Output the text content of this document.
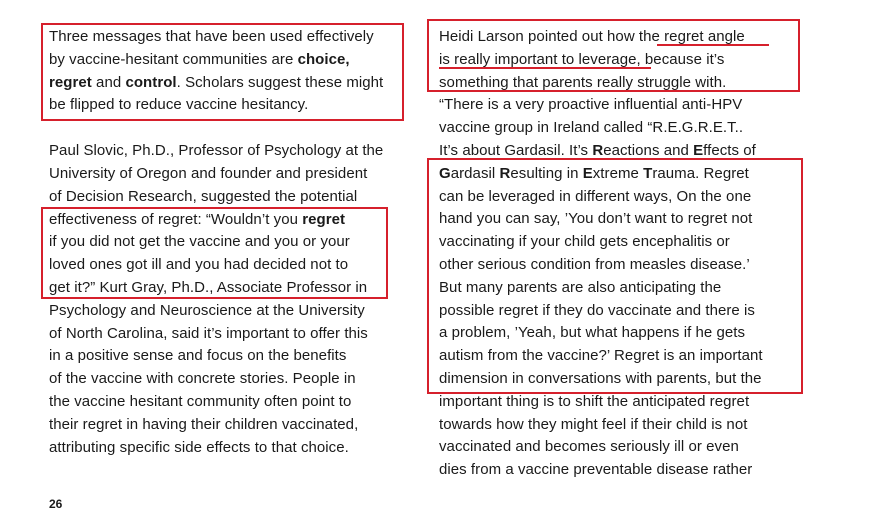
Three messages that have been used effectively
by vaccine-hesitant communities are choice,
regret and control. Scholars suggest these might
be flipped to reduce vaccine hesitancy.
Paul Slovic, Ph.D., Professor of Psychology at the
University of Oregon and founder and president
of Decision Research, suggested the potential
effectiveness of regret: “Wouldn’t you regret
if you did not get the vaccine and you or your
loved ones got ill and you had decided not to
get it?” Kurt Gray, Ph.D., Associate Professor in
Psychology and Neuroscience at the University
of North Carolina, said it’s important to offer this
in a positive sense and focus on the benefits
of the vaccine with concrete stories. People in
the vaccine hesitant community often point to
their regret in having their children vaccinated,
attributing specific side effects to that choice.
Heidi Larson pointed out how the regret angle
is really important to leverage, because it’s
something that parents really struggle with.
“There is a very proactive influential anti-HPV
vaccine group in Ireland called “R.E.G.R.E.T..
It’s about Gardasil. It’s Reactions and Effects of
Gardasil Resulting in Extreme Trauma. Regret
can be leveraged in different ways, On the one
hand you can say, ’You don’t want to regret not
vaccinating if your child gets encephalitis or
other serious condition from measles disease.’
But many parents are also anticipating the
possible regret if they do vaccinate and there is
a problem, ’Yeah, but what happens if he gets
autism from the vaccine?’ Regret is an important
dimension in conversations with parents, but the
important thing is to shift the anticipated regret
towards how they might feel if their child is not
vaccinated and becomes seriously ill or even
dies from a vaccine preventable disease rather
26
